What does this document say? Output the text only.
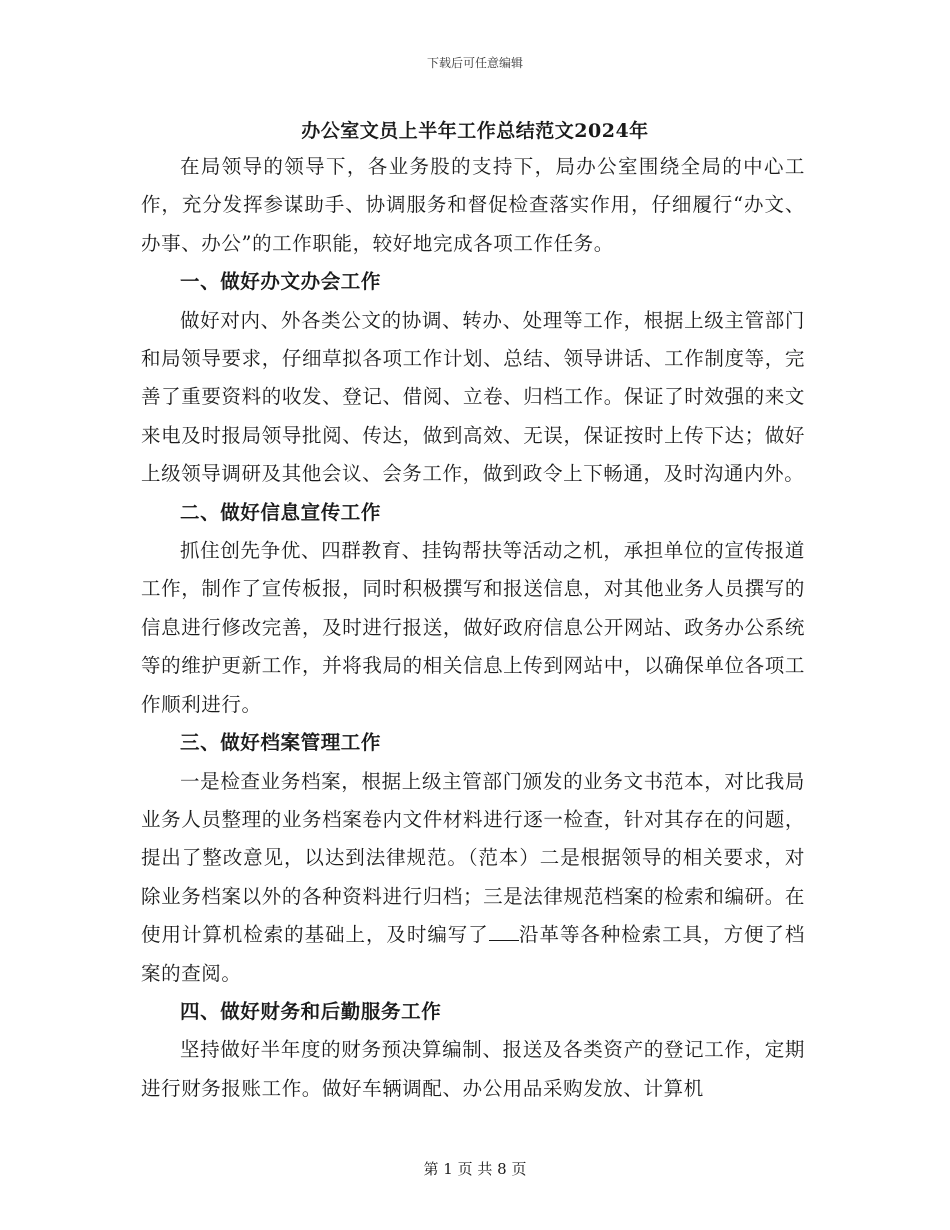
下载后可任意编辑
办公室文员上半年工作总结范文2024年

在局领导的领导下，各业务股的支持下，局办公室围绕全局的中心工作，充分发挥参谋助手、协调服务和督促检查落实作用，仔细履行“办文、办事、办公”的工作职能，较好地完成各项工作任务。

一、做好办文办会工作

做好对内、外各类公文的协调、转办、处理等工作，根据上级主管部门和局领导要求，仔细草拟各项工作计划、总结、领导讲话、工作制度等，完善了重要资料的收发、登记、借阅、立卷、归档工作。保证了时效强的来文来电及时报局领导批阅、传达，做到高效、无误，保证按时上传下达；做好上级领导调研及其他会议、会务工作，做到政令上下畅通，及时沟通内外。

二、做好信息宣传工作

抓住创先争优、四群教育、挂钩帮扶等活动之机，承担单位的宣传报道工作，制作了宣传板报，同时积极撰写和报送信息，对其他业务人员撰写的信息进行修改完善，及时进行报送，做好政府信息公开网站、政务办公系统等的维护更新工作，并将我局的相关信息上传到网站中，以确保单位各项工作顺利进行。

三、做好档案管理工作

一是检查业务档案，根据上级主管部门颁发的业务文书范本，对比我局业务人员整理的业务档案卷内文件材料进行逐一检查，针对其存在的问题，提出了整改意见，以达到法律规范。（范本）二是根据领导的相关要求，对除业务档案以外的各种资料进行归档；三是法律规范档案的检索和编研。在使用计算机检索的基础上，及时编写了 沿革等各种检索工具，方便了档案的查阅。

四、做好财务和后勤服务工作

坚持做好半年度的财务预决算编制、报送及各类资产的登记工作，定期进行财务报账工作。做好车辆调配、办公用品采购发放、计算机

第 1 页 共 8 页
